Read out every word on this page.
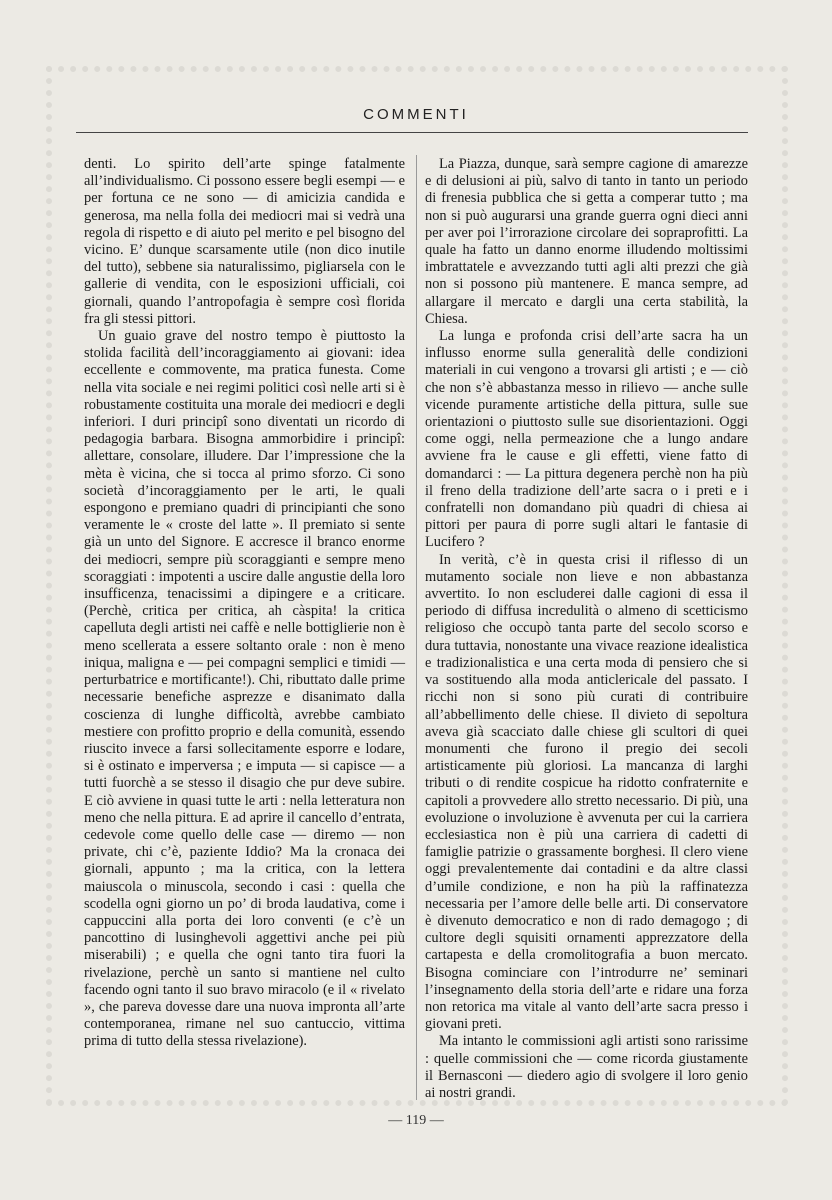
COMMENTI

denti. Lo spirito dell’arte spinge fatalmente all’individualismo. Ci possono essere begli esempi — e per fortuna ce ne sono — di amicizia candida e generosa, ma nella folla dei mediocri mai si vedrà una regola di rispetto e di aiuto pel merito e pel bisogno del vicino. E’ dunque scarsamente utile (non dico inutile del tutto), sebbene sia naturalissimo, pigliarsela con le gallerie di vendita, con le esposizioni ufficiali, coi giornali, quando l’antropofagia è sempre così florida fra gli stessi pittori.

Un guaio grave del nostro tempo è piuttosto la stolida facilità dell’incoraggiamento ai giovani: idea eccellente e commovente, ma pratica funesta. Come nella vita sociale e nei regimi politici così nelle arti si è robustamente costituita una morale dei mediocri e degli inferiori. I duri principî sono diventati un ricordo di pedagogia barbara. Bisogna ammorbidire i principî: allettare, consolare, illudere. Dar l’impressione che la mèta è vicina, che si tocca al primo sforzo. Ci sono società d’incoraggiamento per le arti, le quali espongono e premiano quadri di principianti che sono veramente le « croste del latte ». Il premiato si sente già un unto del Signore. E accresce il branco enorme dei mediocri, sempre più scoraggianti e sempre meno scoraggiati : impotenti a uscire dalle angustie della loro insufficenza, tenacissimi a dipingere e a criticare. (Perchè, critica per critica, ah càspita! la critica capelluta degli artisti nei caffè e nelle bottiglierie non è meno scellerata a essere soltanto orale : non è meno iniqua, maligna e — pei compagni semplici e timidi — perturbatrice e mortificante!). Chi, ributtato dalle prime necessarie benefiche asprezze e disanimato dalla coscienza di lunghe difficoltà, avrebbe cambiato mestiere con profitto proprio e della comunità, essendo riuscito invece a farsi sollecitamente esporre e lodare, si è ostinato e imperversa ; e imputa — si capisce — a tutti fuorchè a se stesso il disagio che pur deve subire. E ciò avviene in quasi tutte le arti : nella letteratura non meno che nella pittura. E ad aprire il cancello d’entrata, cedevole come quello delle case — diremo — non private, chi c’è, paziente Iddio? Ma la cronaca dei giornali, appunto ; ma la critica, con la lettera maiuscola o minuscola, secondo i casi : quella che scodella ogni giorno un po’ di broda laudativa, come i cappuccini alla porta dei loro conventi (e c’è un pancottino di lusinghevoli aggettivi anche pei più miserabili) ; e quella che ogni tanto tira fuori la rivelazione, perchè un santo si mantiene nel culto facendo ogni tanto il suo bravo miracolo (e il « rivelato », che pareva dovesse dare una nuova impronta all’arte contemporanea, rimane nel suo cantuccio, vittima prima di tutto della stessa rivelazione).

La Piazza, dunque, sarà sempre cagione di amarezze e di delusioni ai più, salvo di tanto in tanto un periodo di frenesia pubblica che si getta a comperar tutto ; ma non si può augurarsi una grande guerra ogni dieci anni per aver poi l’irrorazione circolare dei sopraprofitti. La quale ha fatto un danno enorme illudendo moltissimi imbrattatele e avvezzando tutti agli alti prezzi che già non si possono più mantenere. E manca sempre, ad allargare il mercato e dargli una certa stabilità, la Chiesa.

La lunga e profonda crisi dell’arte sacra ha un influsso enorme sulla generalità delle condizioni materiali in cui vengono a trovarsi gli artisti ; e — ciò che non s’è abbastanza messo in rilievo — anche sulle vicende puramente artistiche della pittura, sulle sue orientazioni o piuttosto sulle sue disorientazioni. Oggi come oggi, nella permeazione che a lungo andare avviene fra le cause e gli effetti, viene fatto di domandarci : — La pittura degenera perchè non ha più il freno della tradizione dell’arte sacra o i preti e i confratelli non domandano più quadri di chiesa ai pittori per paura di porre sugli altari le fantasie di Lucifero ?

In verità, c’è in questa crisi il riflesso di un mutamento sociale non lieve e non abbastanza avvertito. Io non escluderei dalle cagioni di essa il periodo di diffusa incredulità o almeno di scetticismo religioso che occupò tanta parte del secolo scorso e dura tuttavia, nonostante una vivace reazione idealistica e tradizionalistica e una certa moda di pensiero che si va sostituendo alla moda anticlericale del passato. I ricchi non si sono più curati di contribuire all’abbellimento delle chiese. Il divieto di sepoltura aveva già scacciato dalle chiese gli scultori di quei monumenti che furono il pregio dei secoli artisticamente più gloriosi. La mancanza di larghi tributi o di rendite cospicue ha ridotto confraternite e capitoli a provvedere allo stretto necessario. Di più, una evoluzione o involuzione è avvenuta per cui la carriera ecclesiastica non è più una carriera di cadetti di famiglie patrizie o grassamente borghesi. Il clero viene oggi prevalentemente dai contadini e da altre classi d’umile condizione, e non ha più la raffinatezza necessaria per l’amore delle belle arti. Di conservatore è divenuto democratico e non di rado demagogo ; di cultore degli squisiti ornamenti apprezzatore della cartapesta e della cromolitografia a buon mercato. Bisogna cominciare con l’introdurre ne’ seminari l’insegnamento della storia dell’arte e ridare una forza non retorica ma vitale al vanto dell’arte sacra presso i giovani preti.

Ma intanto le commissioni agli artisti sono rarissime : quelle commissioni che — come ricorda giustamente il Bernasconi — diedero agio di svolgere il loro genio ai nostri grandi.

— 119 —
